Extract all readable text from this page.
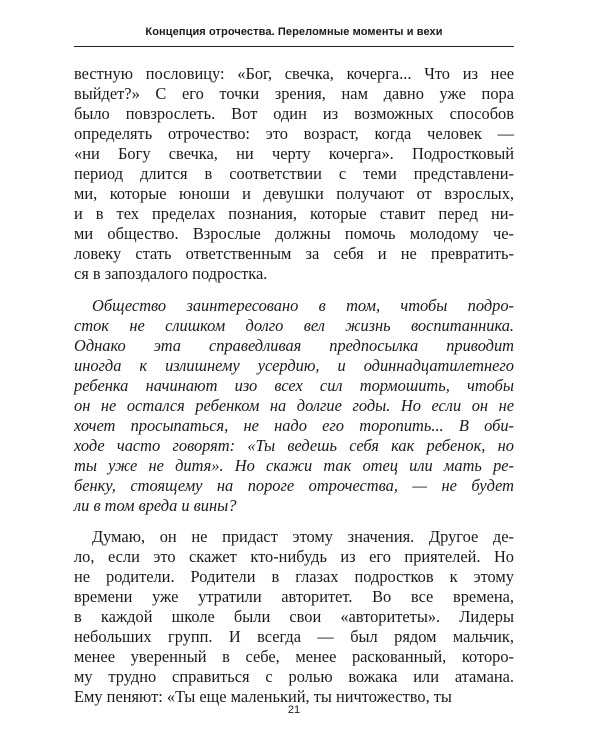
Концепция отрочества. Переломные моменты и вехи
вестную пословицу: «Бог, свечка, кочерга... Что из нее
выйдет?» С его точки зрения, нам давно уже пора
было повзрослеть. Вот один из возможных способов
определять отрочество: это возраст, когда человек —
«ни Богу свечка, ни черту кочерга». Подростковый
период длится в соответствии с теми представлени-
ми, которые юноши и девушки получают от взрослых,
и в тех пределах познания, которые ставит перед ни-
ми общество. Взрослые должны помочь молодому че-
ловеку стать ответственным за себя и не превратить-
ся в запоздалого подростка.
Общество заинтересовано в том, чтобы подро-
сток не слишком долго вел жизнь воспитанника.
Однако эта справедливая предпосылка приводит
иногда к излишнему усердию, и одиннадцатилетнего
ребенка начинают изо всех сил тормошить, чтобы
он не остался ребенком на долгие годы. Но если он не
хочет просыпаться, не надо его торопить... В оби-
ходе часто говорят: «Ты ведешь себя как ребенок, но
ты уже не дитя». Но скажи так отец или мать ре-
бенку, стоящему на пороге отрочества, — не будет
ли в том вреда и вины?
Думаю, он не придаст этому значения. Другое де-
ло, если это скажет кто-нибудь из его приятелей. Но
не родители. Родители в глазах подростков к этому
времени уже утратили авторитет. Во все времена,
в каждой школе были свои «авторитеты». Лидеры
небольших групп. И всегда — был рядом мальчик,
менее уверенный в себе, менее раскованный, которо-
му трудно справиться с ролью вожака или атамана.
Ему пеняют: «Ты еще маленький, ты ничтожество, ты
21
